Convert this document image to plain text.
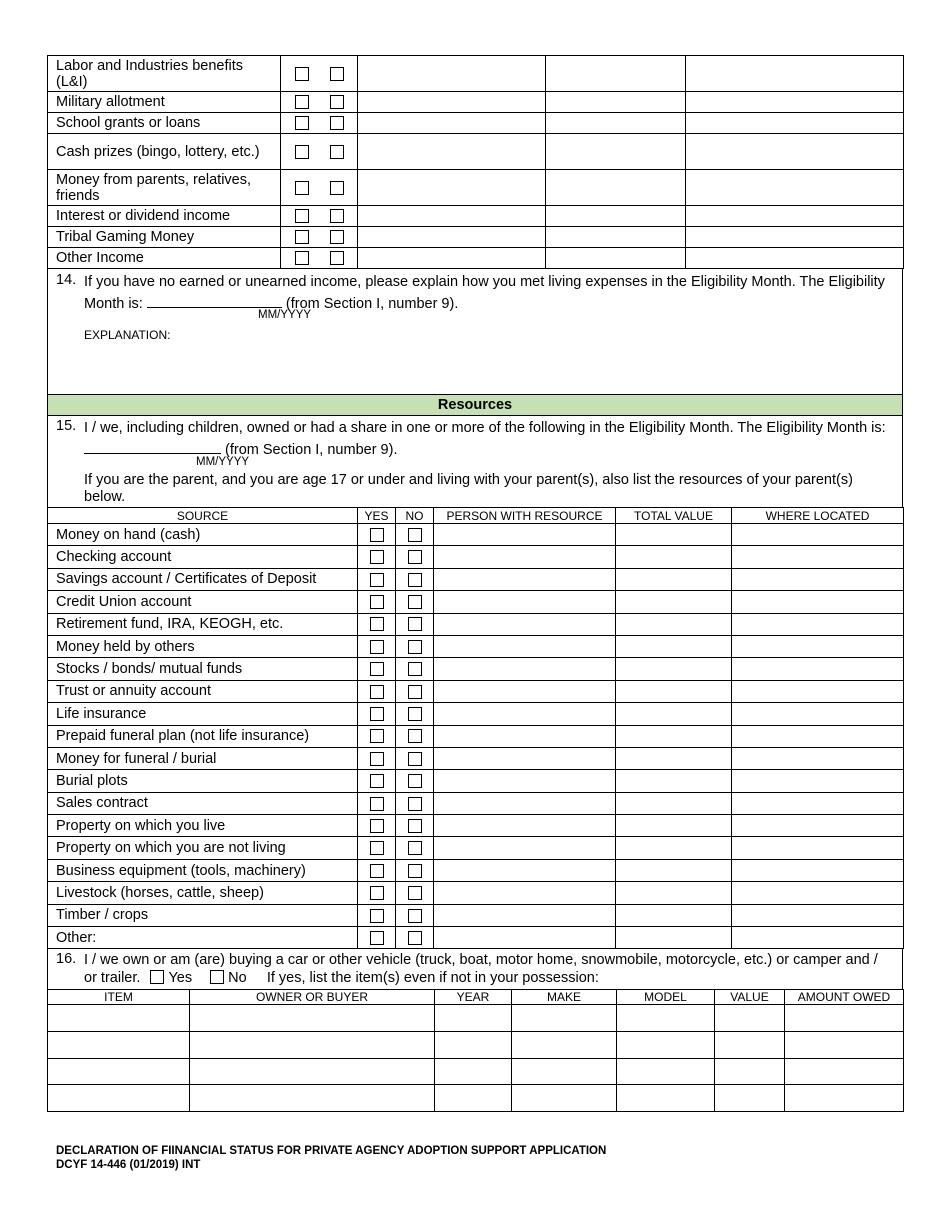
Labor and Industries benefits (L&I)	

Military allotment	

School grants or loans	

Cash prizes (bingo, lottery, etc.)	

Money from parents, relatives, friends	

Interest or dividend income	

Tribal Gaming Money	

Other Income	

14. If you have no earned or unearned income, please explain how you met living expenses in the Eligibility Month. The Eligibility Month is:	(from Section I, number 9).

MM/YYYY
EXPLANATION:
Resources
15. I / we, including children, owned or had a share in one or more of the following in the Eligibility Month. The Eligibility Month is:  (from Section I, number 9).

MM/YYYY

If you are the parent, and you are age 17 or under and living with your parent(s), also list the resources of your parent(s) below.

SOURCE	YES	NO	PERSON WITH RESOURCE	TOTAL VALUE	WHERE LOCATED
Money on hand (cash)					
Checking account					
Savings account / Certificates of Deposit					
Credit Union account					
Retirement fund, IRA, KEOGH, etc.					
Money held by others					
Stocks / bonds/ mutual funds					
Trust or annuity account					
Life insurance					
Prepaid funeral plan (not life insurance)					
Money for funeral / burial					
Burial plots					
Sales contract					
Property on which you live					
Property on which you are not living					
Business equipment (tools, machinery)					
Livestock (horses, cattle, sheep)					
Timber / crops					
Other:					
16. I / we own or am (are) buying a car or other vehicle (truck, boat, motor home, snowmobile, motorcycle, etc.) or camper and / or trailer. Yes No If yes, list the item(s) even if not in your possession:

ITEM	OWNER OR BUYER	YEAR	MAKE	MODEL	VALUE	AMOUNT OWED

DECLARATION OF FIINANCIAL STATUS FOR PRIVATE AGENCY ADOPTION SUPPORT APPLICATION
DCYF 14-446 (01/2019) INT
